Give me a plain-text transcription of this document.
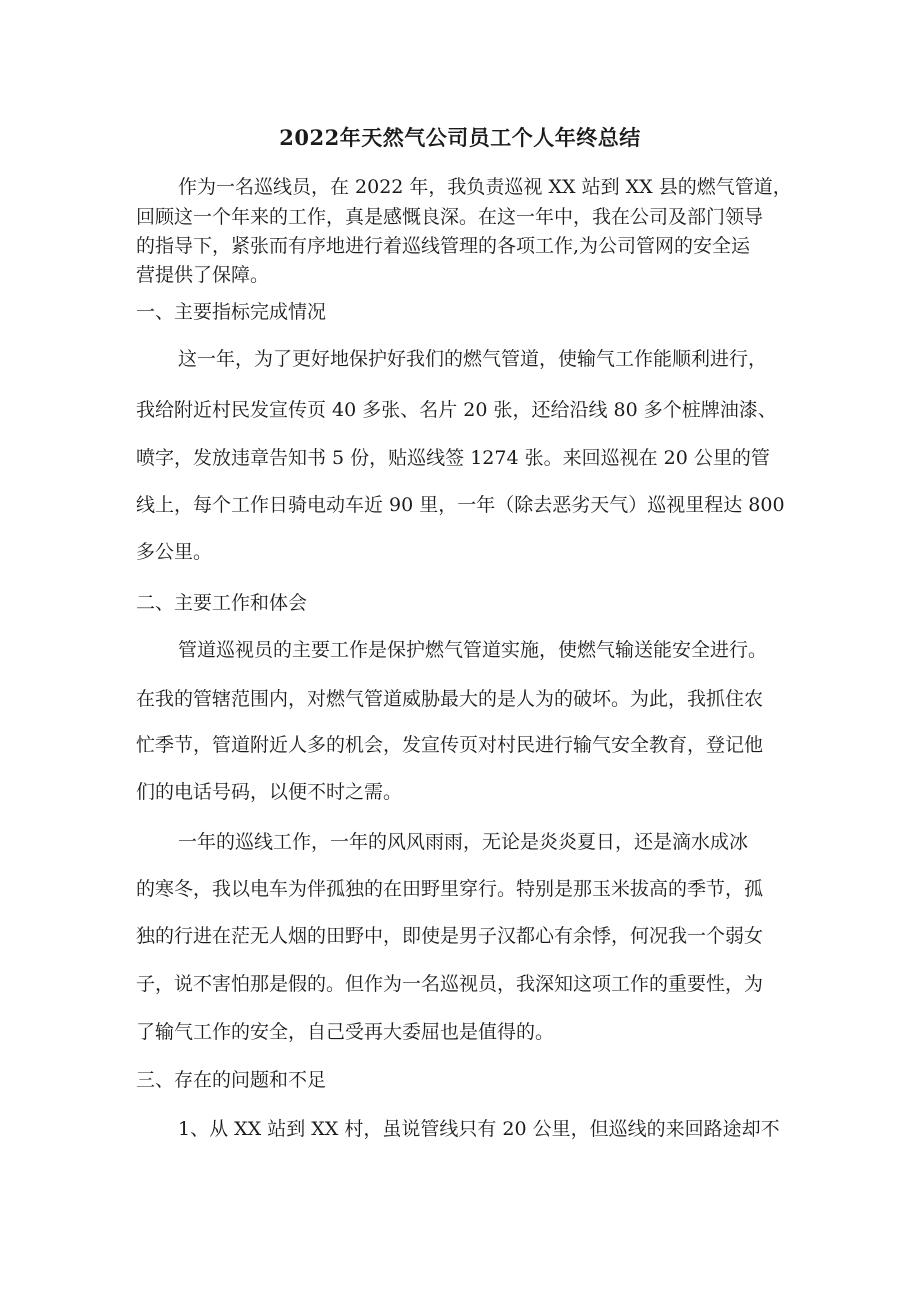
2022年天然气公司员工个人年终总结

作为一名巡线员，在 2022 年，我负责巡视 XX 站到 XX 县的燃气管道，

回顾这一个年来的工作，真是感慨良深。在这一年中，我在公司及部门领导

的指导下，紧张而有序地进行着巡线管理的各项工作,为公司管网的安全运

营提供了保障。

一、主要指标完成情况

这一年，为了更好地保护好我们的燃气管道，使输气工作能顺利进行，

我给附近村民发宣传页 40 多张、名片 20 张，还给沿线 80 多个桩牌油漆、

喷字，发放违章告知书 5 份，贴巡线签 1274 张。来回巡视在 20 公里的管

线上，每个工作日骑电动车近 90 里，一年（除去恶劣天气）巡视里程达 800

多公里。

二、主要工作和体会

管道巡视员的主要工作是保护燃气管道实施，使燃气输送能安全进行。

在我的管辖范围内，对燃气管道威胁最大的是人为的破坏。为此，我抓住农

忙季节，管道附近人多的机会，发宣传页对村民进行输气安全教育，登记他

们的电话号码，以便不时之需。

一年的巡线工作，一年的风风雨雨，无论是炎炎夏日，还是滴水成冰

的寒冬，我以电车为伴孤独的在田野里穿行。特别是那玉米拔高的季节，孤

独的行进在茫无人烟的田野中，即使是男子汉都心有余悸，何况我一个弱女

子，说不害怕那是假的。但作为一名巡视员，我深知这项工作的重要性，为

了输气工作的安全，自己受再大委屈也是值得的。

三、存在的问题和不足

1、从 XX 站到 XX 村，虽说管线只有 20 公里，但巡线的来回路途却不
